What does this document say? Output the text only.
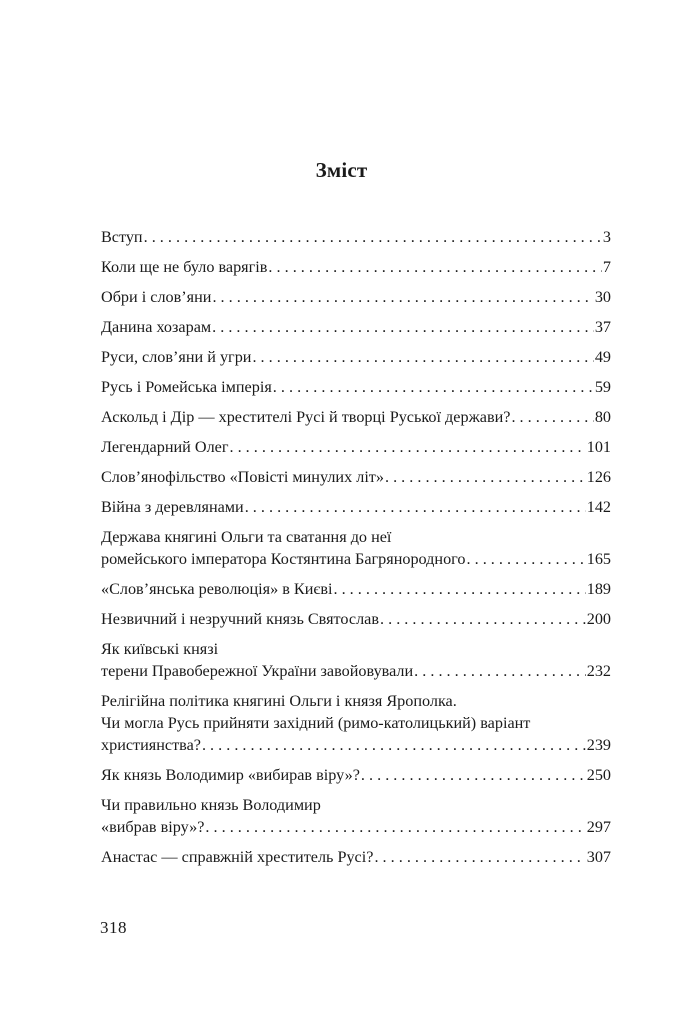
Зміст
Вступ . . .	3
Коли ще не було варягів . . .	7
Обри і слов’яни . . .	30
Данина хозарам . . .	37
Руси, слов’яни й угри . . .	49
Русь і Ромейська імперія . . .	59
Аскольд і Дір — хрестителі Русі й творці Руської держави? . . .	80
Легендарний Олег . . .	101
Слов’янофільство «Повісті минулих літ» . . .	126
Війна з деревлянами . . .	142
Держава княгині Ольги та сватання до неї
ромейського імператора Костянтина Багрянородного . . .	165
«Слов’янська революція» в Києві . . .	189
Незвичний і незручний князь Святослав . . .	200
Як київські князі
терени Правобережної України завойовували . . .	232
Релігійна політика княгині Ольги і князя Ярополка.
Чи могла Русь прийняти західний (римо-католицький) варіант
християнства? . . .	239
Як князь Володимир «вибирав віру»? . . .	250
Чи правильно князь Володимир
«вибрав віру»? . . .	297
Анастас — справжній хреститель Русі? . . .	307
318
